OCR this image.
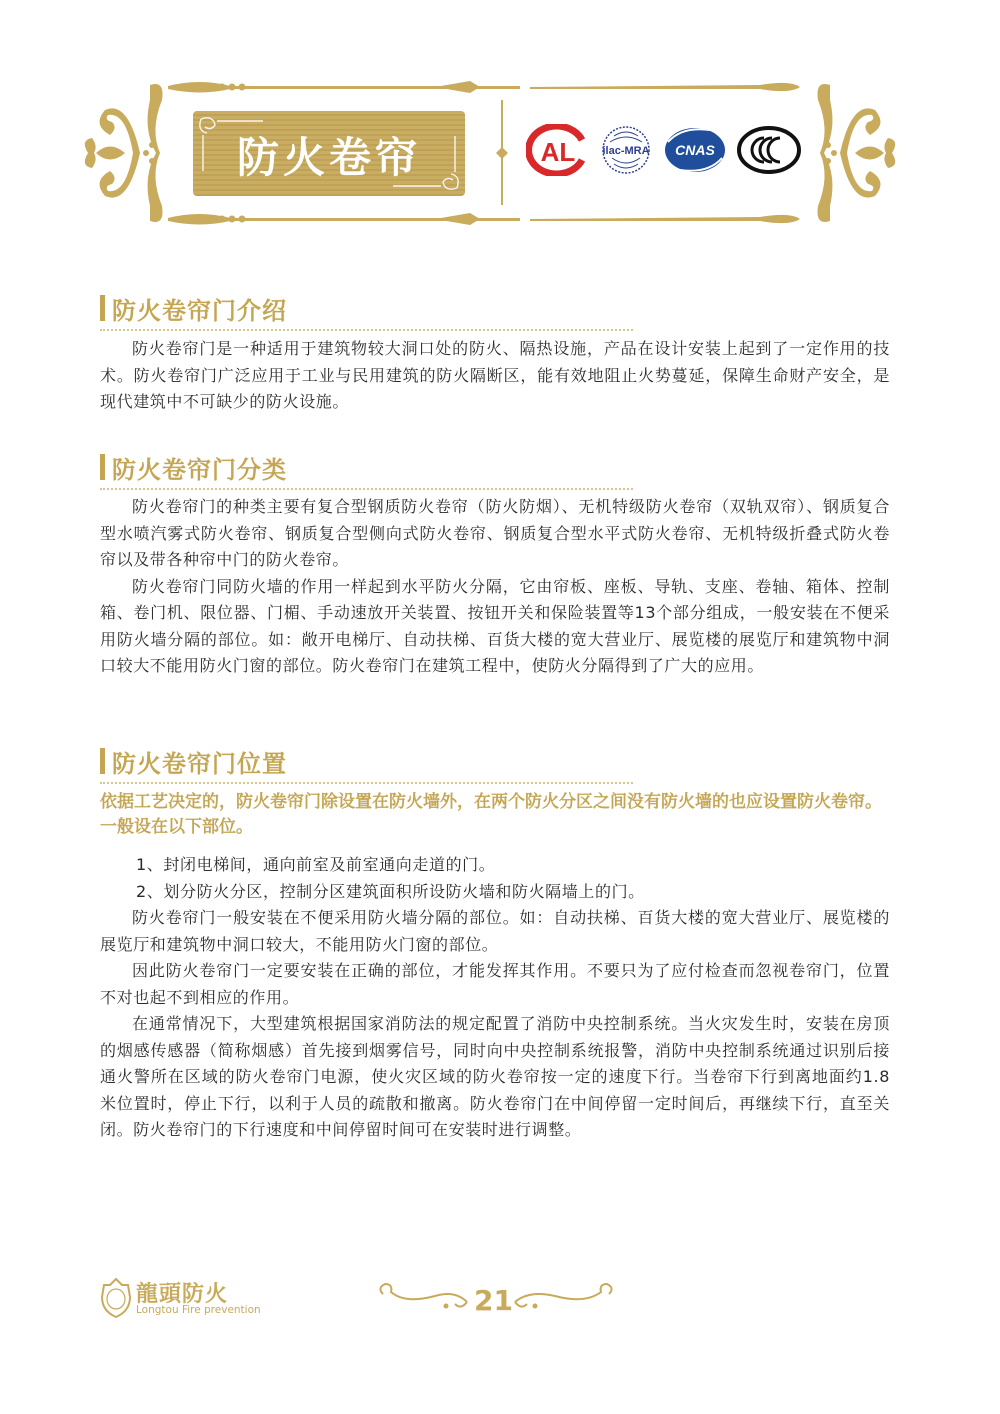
防火卷帘	AL ilac-MRA CNAS
防火卷帘门介绍

防火卷帘门是一种适用于建筑物较大洞口处的防火、隔热设施，产品在设计安装上起到了一定作用的技术。防火卷帘门广泛应用于工业与民用建筑的防火隔断区，能有效地阻止火势蔓延，保障生命财产安全，是现代建筑中不可缺少的防火设施。

防火卷帘门分类

防火卷帘门的种类主要有复合型钢质防火卷帘（防火防烟）、无机特级防火卷帘（双轨双帘）、钢质复合型水喷汽雾式防火卷帘、钢质复合型侧向式防火卷帘、钢质复合型水平式防火卷帘、无机特级折叠式防火卷帘以及带各种帘中门的防火卷帘。

防火卷帘门同防火墙的作用一样起到水平防火分隔，它由帘板、座板、导轨、支座、卷轴、箱体、控制箱、卷门机、限位器、门楣、手动速放开关装置、按钮开关和保险装置等13个部分组成，一般安装在不便采用防火墙分隔的部位。如：敞开电梯厅、自动扶梯、百货大楼的宽大营业厅、展览楼的展览厅和建筑物中洞口较大不能用防火门窗的部位。防火卷帘门在建筑工程中，使防火分隔得到了广大的应用。

防火卷帘门位置

依据工艺决定的，防火卷帘门除设置在防火墙外，在两个防火分区之间没有防火墙的也应设置防火卷帘。一般设在以下部位。

1、封闭电梯间，通向前室及前室通向走道的门。

2、划分防火分区，控制分区建筑面积所设防火墙和防火隔墙上的门。

防火卷帘门一般安装在不便采用防火墙分隔的部位。如：自动扶梯、百货大楼的宽大营业厅、展览楼的展览厅和建筑物中洞口较大，不能用防火门窗的部位。

因此防火卷帘门一定要安装在正确的部位，才能发挥其作用。不要只为了应付检查而忽视卷帘门，位置不对也起不到相应的作用。

在通常情况下，大型建筑根据国家消防法的规定配置了消防中央控制系统。当火灾发生时，安装在房顶的烟感传感器（简称烟感）首先接到烟雾信号，同时向中央控制系统报警，消防中央控制系统通过识别后接通火警所在区域的防火卷帘门电源，使火灾区域的防火卷帘按一定的速度下行。当卷帘下行到离地面约1.8米位置时，停止下行，以利于人员的疏散和撤离。防火卷帘门在中间停留一定时间后，再继续下行，直至关闭。防火卷帘门的下行速度和中间停留时间可在安装时进行调整。

龍頭防火
Longtou Fire prevention	21
